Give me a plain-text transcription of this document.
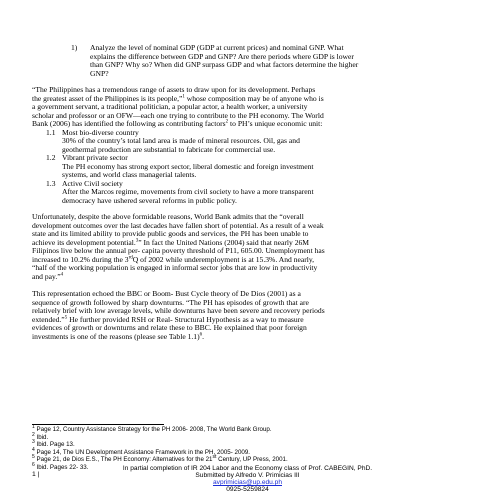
1) Analyze the level of nominal GDP (GDP at current prices) and nominal GNP. What
explains the difference between GDP and GNP? Are there periods where GDP is lower
than GNP? Why so? When did GNP surpass GDP and what factors determine the higher
GNP?
“The Philippines has a tremendous range of assets to draw upon for its development. Perhaps
the greatest asset of the Philippines is its people,”$^1$ whose composition may be of anyone who is
a government servant, a traditional politician, a popular actor, a health worker, a university
scholar and professor or an OFW—each one trying to contribute to the PH economy. The World
Bank (2006) has identified the following as contributing factors$^2$ to PH’s unique economic unit:
1.1 Most bio-diverse country
30% of the country’s total land area is made of mineral resources. Oil, gas and
geothermal production are substantial to fabricate for commercial use.
1.2 Vibrant private sector
The PH economy has strong export sector, liberal domestic and foreign investment
systems, and world class managerial talents.
1.3 Active Civil society
After the Marcos regime, movements from civil society to have a more transparent
democracy have ushered several reforms in public policy.
Unfortunately, despite the above formidable reasons, World Bank admits that the “overall
development outcomes over the last decades have fallen short of potential. As a result of a weak
state and its limited ability to provide public goods and services, the PH has been unable to
achieve its development potential.$^3$” In fact the United Nations (2004) said that nearly 26M
Filipinos live below the annual per- capita poverty threshold of P11, 605.00. Unemployment has
increased to 10.2% during the 3rdQ of 2002 while underemployment is at 15.3%. And nearly,
“half of the working population is engaged in informal sector jobs that are low in productivity
and pay.”$^4$
This representation echoed the BBC or Boom- Bust Cycle theory of De Dios (2001) as a
sequence of growth followed by sharp downturns. “The PH has episodes of growth that are
relatively brief with low average levels, while downturns have been severe and recovery periods
extended.”$^5$ He further provided RSH or Real- Structural Hypothesis as a way to measure
evidences of growth or downturns and relate these to BBC. He explained that poor foreign
investments is one of the reasons (please see Table 1.1)$^6$.
$^1$ Page 12, Country Assistance Strategy for the PH 2006- 2008, The World Bank Group.
$^2$ Ibid.
$^3$ Ibid. Page 13.
$^4$ Page 14, The UN Development Assistance Framework in the PH, 2005- 2009.
$^5$ Page 21, de Dios E.S., The PH Economy: Alternatives for the 21st Century, UP Press, 2001.
$^6$ Ibid. Pages 22- 33.
1 |
In partial completion of IR 204 Labor and the Economy class of Prof. CABEGIN, PhD.
Submitted by Alfredo V. Primicias III
avprimicias@up.edu.ph
0925-5259824
